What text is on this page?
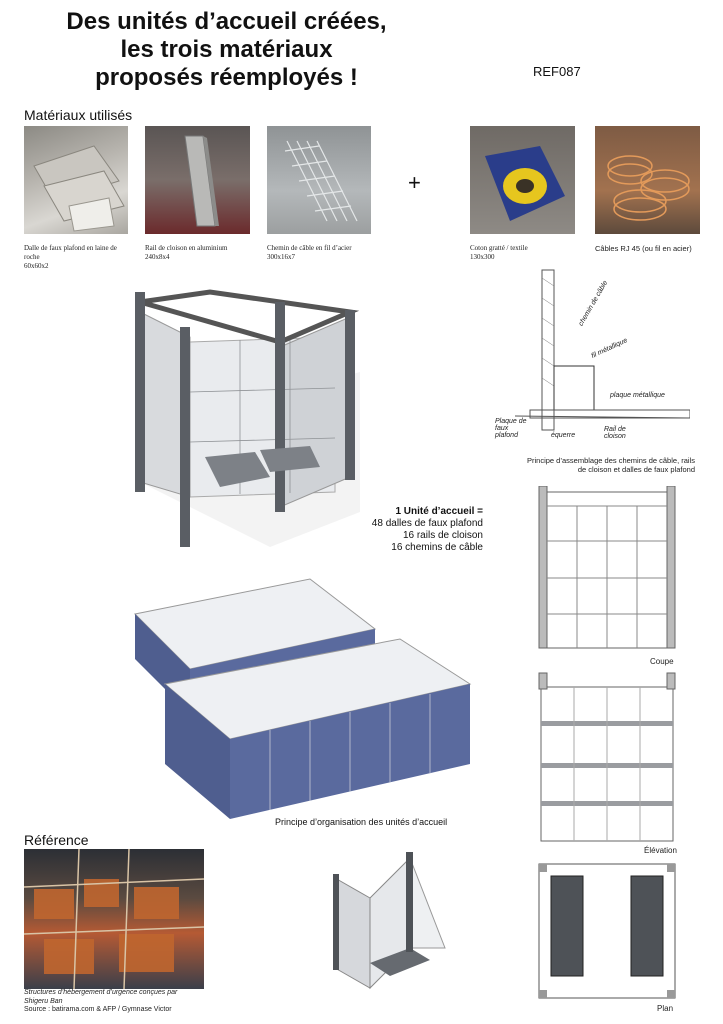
Des unités d’accueil créées,
les trois matériaux
proposés réemployés !	REF087
Matériaux utilisés
Dalle de faux plafond en laine de
roche
60x60x2
Rail de cloison en aluminium
240x8x4
Chemin de câble en fil d’acier
300x16x7
+
Coton gratté / textile
130x300
Câbles RJ 45 (ou fil en acier)
1 Unité d’accueil =
48 dalles de faux plafond
16 rails de cloison
16 chemins de câble
chemin de câble
fil métallique
plaque métallique
Plaque de faux plafond	équerre
Rail de cloison
Principe d’assemblage des chemins de câble, rails
de cloison et dalles de faux plafond
Coupe
Élévation
Plan
Principe d’organisation des unités d’accueil
Référence
Structures d’hébergement d’urgence conçues par
Shigeru Ban
Source : batirama.com & AFP / Gymnase Victor
